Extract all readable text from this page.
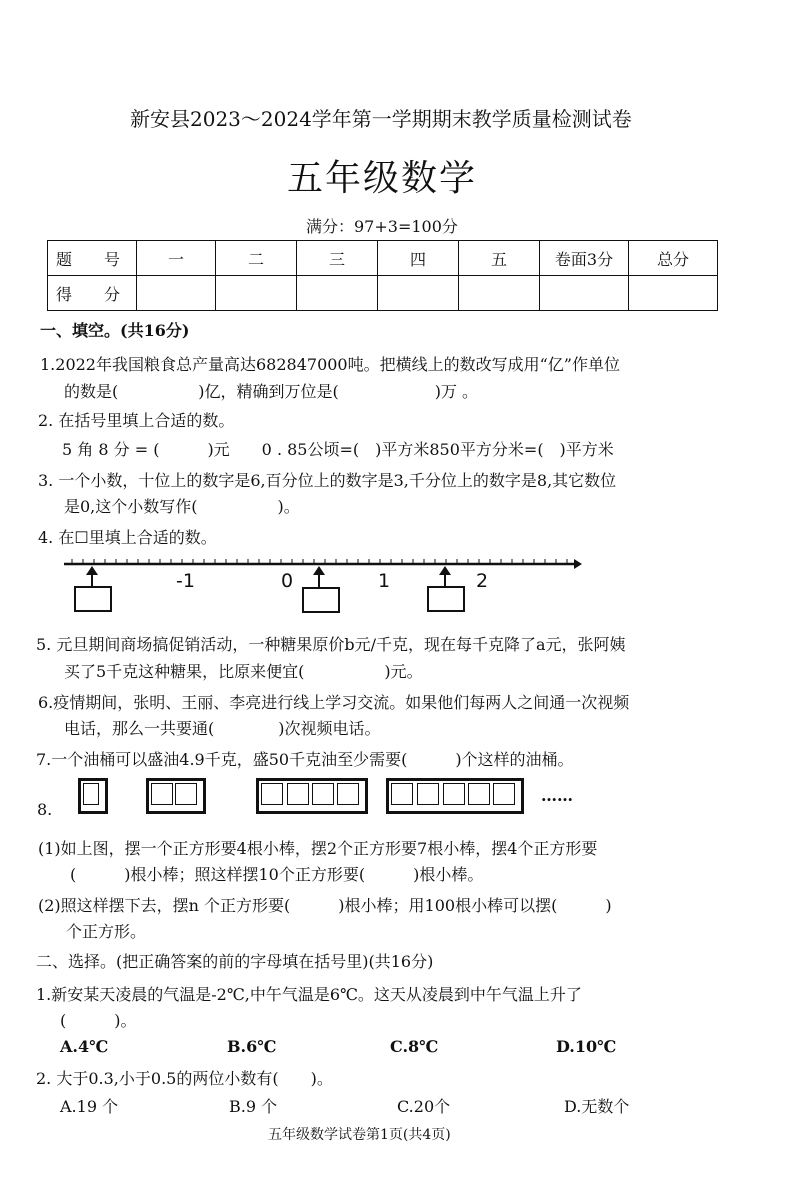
新安县2023～2024学年第一学期期末教学质量检测试卷
五年级数学
满分：97+3=100分
题　号	一	二	三	四	五	卷面3分	总分
得　分							
一、填空。(共16分)
1.2022年我国粮食总产量高达682847000吨。把横线上的数改写成用“亿”作单位
的数是(　　　　　)亿，精确到万位是(　　　　　　)万 。
2. 在括号里填上合适的数。
5 角 8 分 = (　　　)元　　0 . 85公顷=(　)平方米850平方分米=(　)平方米
3. 一个小数，十位上的数字是6,百分位上的数字是3,千分位上的数字是8,其它数位
是0,这个小数写作(　　　　　)。
4. 在☐里填上合适的数。
-1	0	1	2
5. 元旦期间商场搞促销活动，一种糖果原价b元/千克，现在每千克降了a元，张阿姨
买了5千克这种糖果，比原来便宜(　　　　　)元。
6.疫情期间，张明、王丽、李亮进行线上学习交流。如果他们每两人之间通一次视频
电话，那么一共要通(　　　　)次视频电话。
7.一个油桶可以盛油4.9千克，盛50千克油至少需要(　　　)个这样的油桶。
8.
……
(1)如上图，摆一个正方形要4根小棒，摆2个正方形要7根小棒，摆4个正方形要
(　　　)根小棒；照这样摆10个正方形要(　　　)根小棒。
(2)照这样摆下去，摆n 个正方形要(　　　)根小棒；用100根小棒可以摆(　　　)
个正方形。
二、选择。(把正确答案的前的字母填在括号里)(共16分)
1.新安某天凌晨的气温是-2℃,中午气温是6℃。这天从凌晨到中午气温上升了
(　　　)。
A.4℃	B.6℃	C.8℃	D.10℃
2. 大于0.3,小于0.5的两位小数有(　　)。
A.19 个	B.9 个	C.20个	D.无数个
五年级数学试卷第1页(共4页)
